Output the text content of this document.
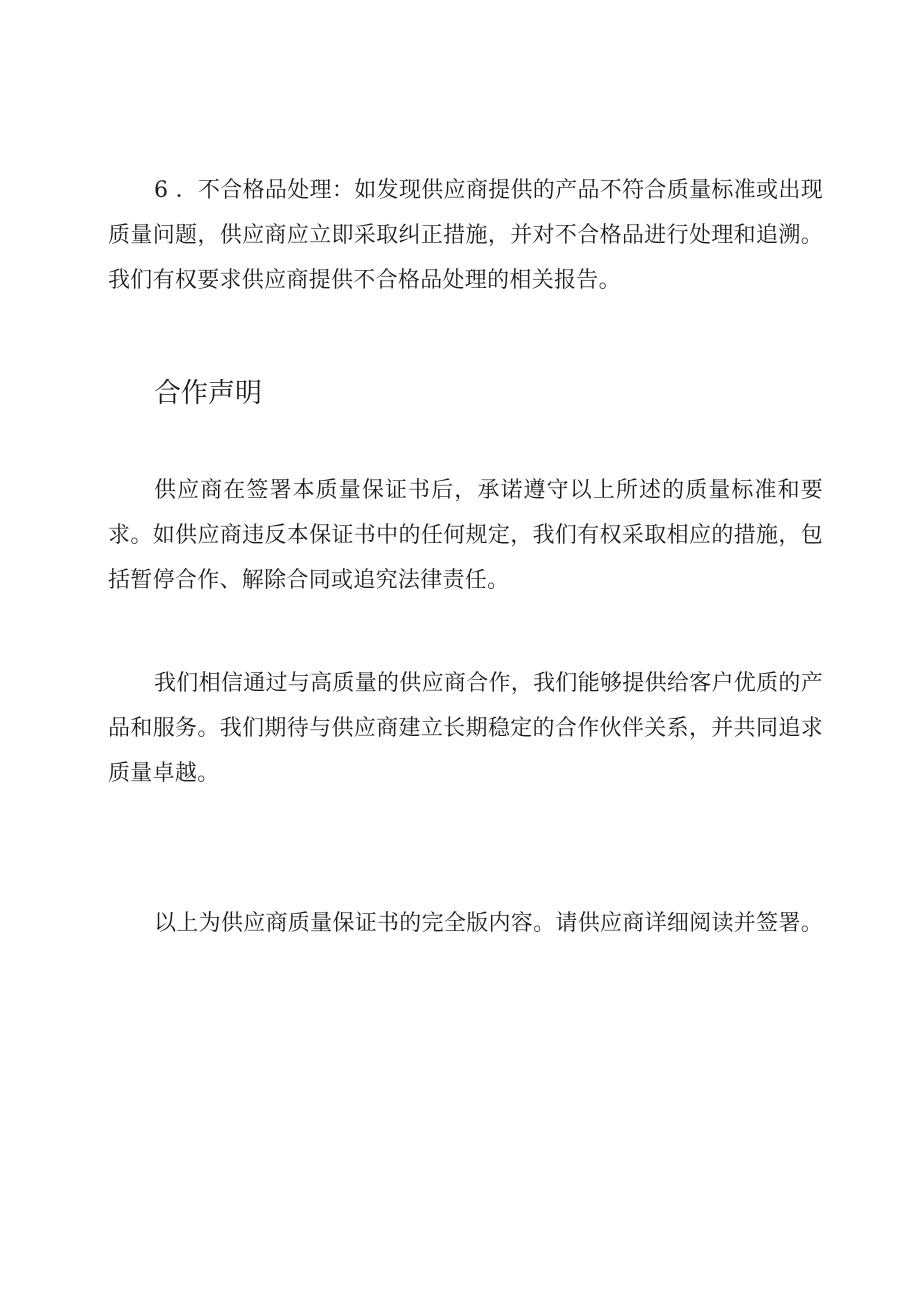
6 ．不合格品处理：如发现供应商提供的产品不符合质量标准或出现质量问题，供应商应立即采取纠正措施，并对不合格品进行处理和追溯。我们有权要求供应商提供不合格品处理的相关报告。

合作声明

供应商在签署本质量保证书后，承诺遵守以上所述的质量标准和要求。如供应商违反本保证书中的任何规定，我们有权采取相应的措施，包括暂停合作、解除合同或追究法律责任。

我们相信通过与高质量的供应商合作，我们能够提供给客户优质的产品和服务。我们期待与供应商建立长期稳定的合作伙伴关系，并共同追求质量卓越。

以上为供应商质量保证书的完全版内容。请供应商详细阅读并签署。
